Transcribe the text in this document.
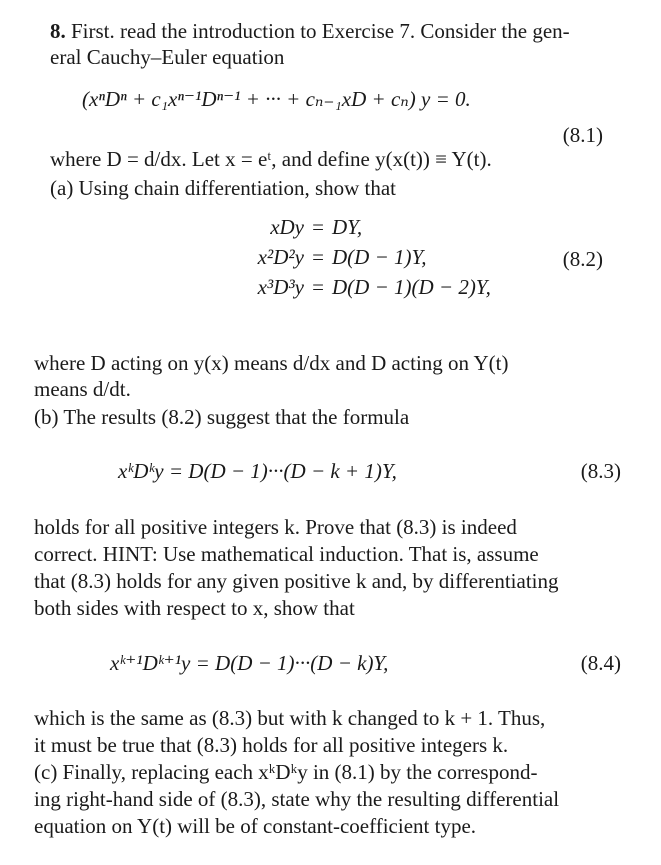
8. First. read the introduction to Exercise 7. Consider the gen-
eral Cauchy–Euler equation
(xⁿDⁿ + c₁xⁿ⁻¹Dⁿ⁻¹ + ··· + cₙ₋₁xD + cₙ) y = 0.
(8.1)
where D = d/dx. Let x = eᵗ, and define y(x(t)) ≡ Y(t).
(a) Using chain differentiation, show that
xDy = DY,
x²D²y = D(D − 1)Y,
x³D³y = D(D − 1)(D − 2)Y,
(8.2)
where D acting on y(x) means d/dx and D acting on Y(t)
means d/dt.
(b) The results (8.2) suggest that the formula
xᵏDᵏy = D(D − 1)···(D − k + 1)Y,	(8.3)
holds for all positive integers k. Prove that (8.3) is indeed
correct. HINT: Use mathematical induction. That is, assume
that (8.3) holds for any given positive k and, by differentiating
both sides with respect to x, show that
xᵏ⁺¹Dᵏ⁺¹y = D(D − 1)···(D − k)Y,	(8.4)
which is the same as (8.3) but with k changed to k + 1. Thus,
it must be true that (8.3) holds for all positive integers k.
(c) Finally, replacing each xᵏDᵏy in (8.1) by the correspond-
ing right-hand side of (8.3), state why the resulting differential
equation on Y(t) will be of constant-coefficient type.
